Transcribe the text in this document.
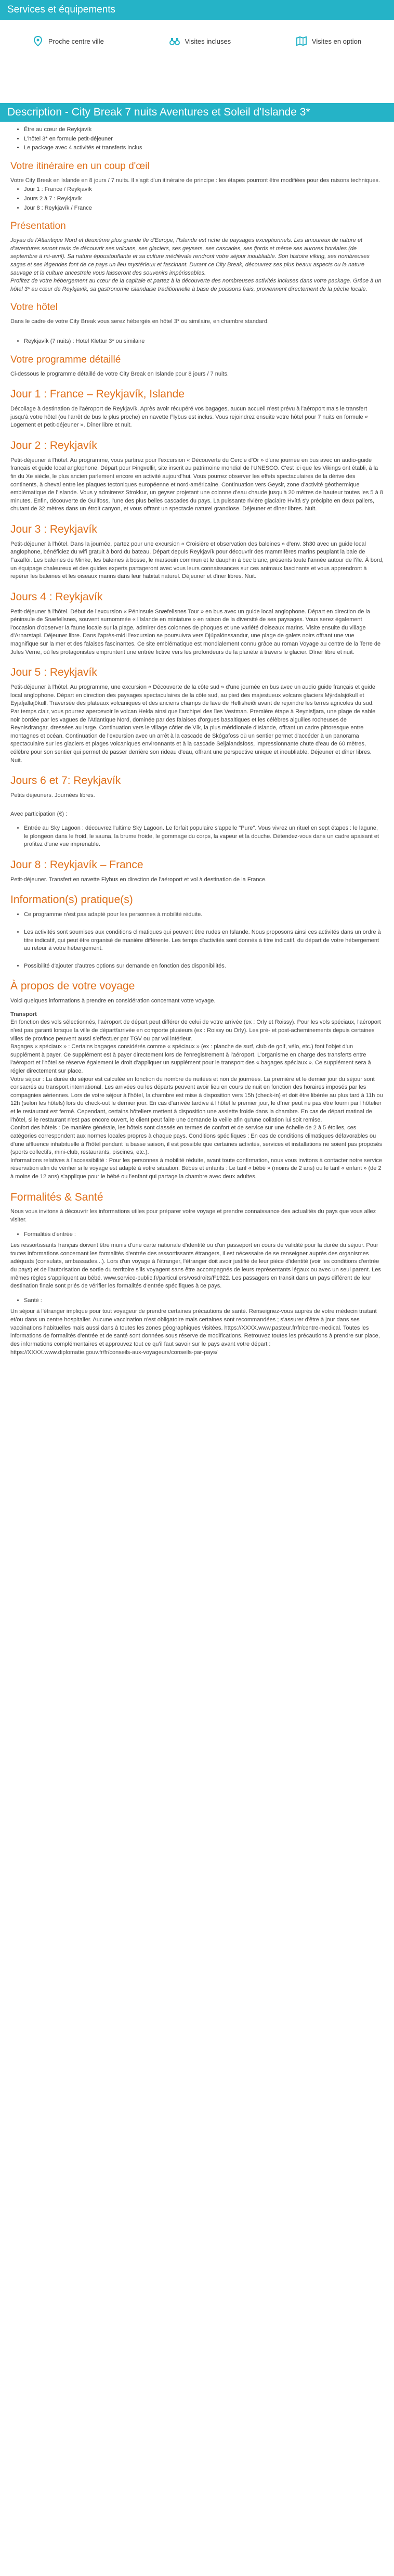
Services et équipements
Proche centre ville	Visites incluses	Visites en option
Description - City Break 7 nuits Aventures et Soleil d'Islande 3*
• Être au cœur de Reykjavík
• L'hôtel 3* en formule petit-déjeuner
• Le package avec 4 activités et transferts inclus
Votre itinéraire en un coup d'œil

Votre City Break en Islande en 8 jours / 7 nuits. Il s'agit d'un itinéraire de principe : les étapes pourront être modifiées pour des raisons techniques.

• Jour 1 : France / Reykjavík
• Jours 2 à 7 : Reykjavík
• Jour 8 : Reykjavík / France
Présentation

Joyau de l'Atlantique Nord et deuxième plus grande île d'Europe, l'Islande est riche de paysages exceptionnels. Les amoureux de nature et d'aventures seront ravis de découvrir ses volcans, ses glaciers, ses geysers, ses cascades, ses fjords et même ses aurores boréales (de septembre à mi-avril). Sa nature époustouflante et sa culture médiévale rendront votre séjour inoubliable. Son histoire viking, ses nombreuses sagas et ses légendes font de ce pays un lieu mystérieux et fascinant. Durant ce City Break, découvrez ses plus beaux aspects ou la nature sauvage et la culture ancestrale vous laisseront des souvenirs impérissables.

Profitez de votre hébergement au cœur de la capitale et partez à la découverte des nombreuses activités incluses dans votre package. Grâce à un hôtel 3* au cœur de Reykjavík, sa gastronomie islandaise traditionnelle à base de poissons frais, proviennent directement de la pêche locale.

Votre hôtel

Dans le cadre de votre City Break vous serez hébergés en hôtel 3* ou similaire, en chambre standard.

• Reykjavík (7 nuits) : Hotel Klettur 3* ou similaire
Votre programme détaillé

Ci-dessous le programme détaillé de votre City Break en Islande pour 8 jours / 7 nuits.

Jour 1 : France – Reykjavík, Islande

Décollage à destination de l'aéroport de Reykjavík. Après avoir récupéré vos bagages, aucun accueil n'est prévu à l'aéroport mais le transfert jusqu'à votre hôtel (ou l'arrêt de bus le plus proche) en navette Flybus est inclus. Vous rejoindrez ensuite votre hôtel pour 7 nuits en formule « Logement et petit-déjeuner ». Dîner libre et nuit.

Jour 2 : Reykjavík

Petit-déjeuner à l'hôtel. Au programme, vous partirez pour l'excursion « Découverte du Cercle d'Or » d'une journée en bus avec un audio-guide français et guide local anglophone. Départ pour Þingvellir, site inscrit au patrimoine mondial de l'UNESCO. C'est ici que les Vikings ont établi, à la fin du Xe siècle, le plus ancien parlement encore en activité aujourd'hui. Vous pourrez observer les effets spectaculaires de la dérive des continents, à cheval entre les plaques tectoniques européenne et nord-américaine. Continuation vers Geysir, zone d'activité géothermique emblématique de l'Islande. Vous y admirerez Strokkur, un geyser projetant une colonne d'eau chaude jusqu'à 20 mètres de hauteur toutes les 5 à 8 minutes. Enfin, découverte de Gullfoss, l'une des plus belles cascades du pays. La puissante rivière glaciaire Hvítá s'y précipite en deux paliers, chutant de 32 mètres dans un étroit canyon, et vous offrant un spectacle naturel grandiose. Déjeuner et dîner libres. Nuit.

Jour 3 : Reykjavík

Petit-déjeuner à l'hôtel. Dans la journée, partez pour une excursion « Croisière et observation des baleines » d'env. 3h30 avec un guide local anglophone, bénéficiez du wifi gratuit à bord du bateau. Départ depuis Reykjavík pour découvrir des mammifères marins peuplant la baie de Faxaflói. Les baleines de Minke, les baleines à bosse, le marsouin commun et le dauphin à bec blanc, présents toute l'année autour de l'île. À bord, un équipage chaleureux et des guides experts partageront avec vous leurs connaissances sur ces animaux fascinants et vous apprendront à repérer les baleines et les oiseaux marins dans leur habitat naturel. Déjeuner et dîner libres. Nuit.

Jours 4 : Reykjavík

Petit-déjeuner à l'hôtel. Début de l'excursion « Péninsule Snæfellsnes Tour » en bus avec un guide local anglophone. Départ en direction de la péninsule de Snæfellsnes, souvent surnommée « l'Islande en miniature » en raison de la diversité de ses paysages. Vous serez également l'occasion d'observer la faune locale sur la plage, admirer des colonnes de phoques et une variété d'oiseaux marins. Visite ensuite du village d'Arnarstapi. Déjeuner libre. Dans l'après-midi l'excursion se poursuivra vers Djúpalónssandur, une plage de galets noirs offrant une vue magnifique sur la mer et des falaises fascinantes. Ce site emblématique est mondialement connu grâce au roman Voyage au centre de la Terre de Jules Verne, où les protagonistes empruntent une entrée fictive vers les profondeurs de la planète à travers le glacier. Dîner libre et nuit.

Jour 5 : Reykjavík

Petit-déjeuner à l'hôtel. Au programme, une excursion « Découverte de la côte sud » d'une journée en bus avec un audio guide français et guide local anglophone. Départ en direction des paysages spectaculaires de la côte sud, au pied des majestueux volcans glaciers Mýrdalsjökull et Eyjafjallajökull. Traversée des plateaux volcaniques et des anciens champs de lave de Hellisheiði avant de rejoindre les terres agricoles du sud. Par temps clair, vous pourrez apercevoir le volcan Hekla ainsi que l'archipel des îles Vestman. Première étape à Reynisfjara, une plage de sable noir bordée par les vagues de l'Atlantique Nord, dominée par des falaises d'orgues basaltiques et les célèbres aiguilles rocheuses de Reynisdrangar, dressées au large. Continuation vers le village côtier de Vík, la plus méridionale d'Islande, offrant un cadre pittoresque entre montagnes et océan. Continuation de l'excursion avec un arrêt à la cascade de Skógafoss où un sentier permet d'accéder à un panorama spectaculaire sur les glaciers et plages volcaniques environnants et à la cascade Seljalandsfoss, impressionnante chute d'eau de 60 mètres, célèbre pour son sentier qui permet de passer derrière son rideau d'eau, offrant une perspective unique et inoubliable. Déjeuner et dîner libres. Nuit.

Jours 6 et 7: Reykjavík

Petits déjeuners. Journées libres.

Avec participation (€) :

• Entrée au Sky Lagoon : découvrez l'ultime Sky Lagoon. Le forfait populaire s'appelle "Pure". Vous vivrez un rituel en sept étapes : le lagune, le plongeon dans le froid, le sauna, la brume froide, le gommage du corps, la vapeur et la douche. Détendez-vous dans un cadre apaisant et profitez d'une vue imprenable.
Jour 8 : Reykjavík – France

Petit-déjeuner. Transfert en navette Flybus en direction de l'aéroport et vol à destination de la France.

Information(s) pratique(s)
• Ce programme n'est pas adapté pour les personnes à mobilité réduite.
• Les activités sont soumises aux conditions climatiques qui peuvent être rudes en Islande. Nous proposons ainsi ces activités dans un ordre à titre indicatif, qui peut être organisé de manière différente. Les temps d'activités sont donnés à titre indicatif, du départ de votre hébergement au retour à votre hébergement.
• Possibilité d'ajouter d'autres options sur demande en fonction des disponibilités.
À propos de votre voyage

Voici quelques informations à prendre en considération concernant votre voyage.

Transport

En fonction des vols sélectionnés, l'aéroport de départ peut différer de celui de votre arrivée (ex : Orly et Roissy). Pour les vols spéciaux, l'aéroport n'est pas garanti lorsque la ville de départ/arrivée en comporte plusieurs (ex : Roissy ou Orly). Les pré- et post-acheminements depuis certaines villes de province peuvent aussi s'effectuer par TGV ou par vol intérieur.

Bagages « spéciaux » : Certains bagages considérés comme « spéciaux » (ex : planche de surf, club de golf, vélo, etc.) font l'objet d'un supplément à payer. Ce supplément est à payer directement lors de l'enregistrement à l'aéroport. L'organisme en charge des transferts entre l'aéroport et l'hôtel se réserve également le droit d'appliquer un supplément pour le transport des « bagages spéciaux ». Ce supplément sera à régler directement sur place.

Votre séjour : La durée du séjour est calculée en fonction du nombre de nuitées et non de journées. La première et le dernier jour du séjour sont consacrés au transport international. Les arrivées ou les départs peuvent avoir lieu en cours de nuit en fonction des horaires imposés par les compagnies aériennes. Lors de votre séjour à l'hôtel, la chambre est mise à disposition vers 15h (check-in) et doit être libérée au plus tard à 11h ou 12h (selon les hôtels) lors du check-out le dernier jour. En cas d'arrivée tardive à l'hôtel le premier jour, le dîner peut ne pas être fourni par l'hôtelier et le restaurant est fermé. Cependant, certains hôteliers mettent à disposition une assiette froide dans la chambre. En cas de départ matinal de l'hôtel, si le restaurant n'est pas encore ouvert, le client peut faire une demande la veille afin qu'une collation lui soit remise.

Confort des hôtels : De manière générale, les hôtels sont classés en termes de confort et de service sur une échelle de 2 à 5 étoiles, ces catégories correspondent aux normes locales propres à chaque pays. Conditions spécifiques : En cas de conditions climatiques défavorables ou d'une affluence inhabituelle à l'hôtel pendant la basse saison, il est possible que certaines activités, services et installations ne soient pas proposés (sports collectifs, mini-club, restaurants, piscines, etc.).

Informations relatives à l'accessibilité : Pour les personnes à mobilité réduite, avant toute confirmation, nous vous invitons à contacter notre service réservation afin de vérifier si le voyage est adapté à votre situation. Bébés et enfants : Le tarif « bébé » (moins de 2 ans) ou le tarif « enfant » (de 2 à moins de 12 ans) s'applique pour le bébé ou l'enfant qui partage la chambre avec deux adultes.

Formalités & Santé

Nous vous invitons à découvrir les informations utiles pour préparer votre voyage et prendre connaissance des actualités du pays que vous allez visiter.

• Formalités d'entrée :

Les ressortissants français doivent être munis d'une carte nationale d'identité ou d'un passeport en cours de validité pour la durée du séjour. Pour toutes informations concernant les formalités d'entrée des ressortissants étrangers, il est nécessaire de se renseigner auprès des organismes adéquats (consulats, ambassades...). Lors d'un voyage à l'étranger, l'étranger doit avoir justifié de leur pièce d'identité (voir les conditions d'entrée du pays) et de l'autorisation de sortie du territoire s'ils voyagent sans être accompagnés de leurs représentants légaux ou avec un seul parent. Les mêmes règles s'appliquent au bébé. www.service-public.fr/particuliers/vosdroits/F1922. Les passagers en transit dans un pays différent de leur destination finale sont priés de vérifier les formalités d'entrée spécifiques à ce pays.

• Santé :

Un séjour à l'étranger implique pour tout voyageur de prendre certaines précautions de santé. Renseignez-vous auprès de votre médecin traitant et/ou dans un centre hospitalier. Aucune vaccination n'est obligatoire mais certaines sont recommandées ; s'assurer d'être à jour dans ses vaccinations habituelles mais aussi dans à toutes les zones géographiques visitées. https://XXXX.www.pasteur.fr/fr/centre-medical. Toutes les informations de formalités d'entrée et de santé sont données sous réserve de modifications. Retrouvez toutes les précautions à prendre sur place, des informations complémentaires et approuvez tout ce qu'il faut savoir sur le pays avant votre départ : https://XXXX.www.diplomatie.gouv.fr/fr/conseils-aux-voyageurs/conseils-par-pays/
